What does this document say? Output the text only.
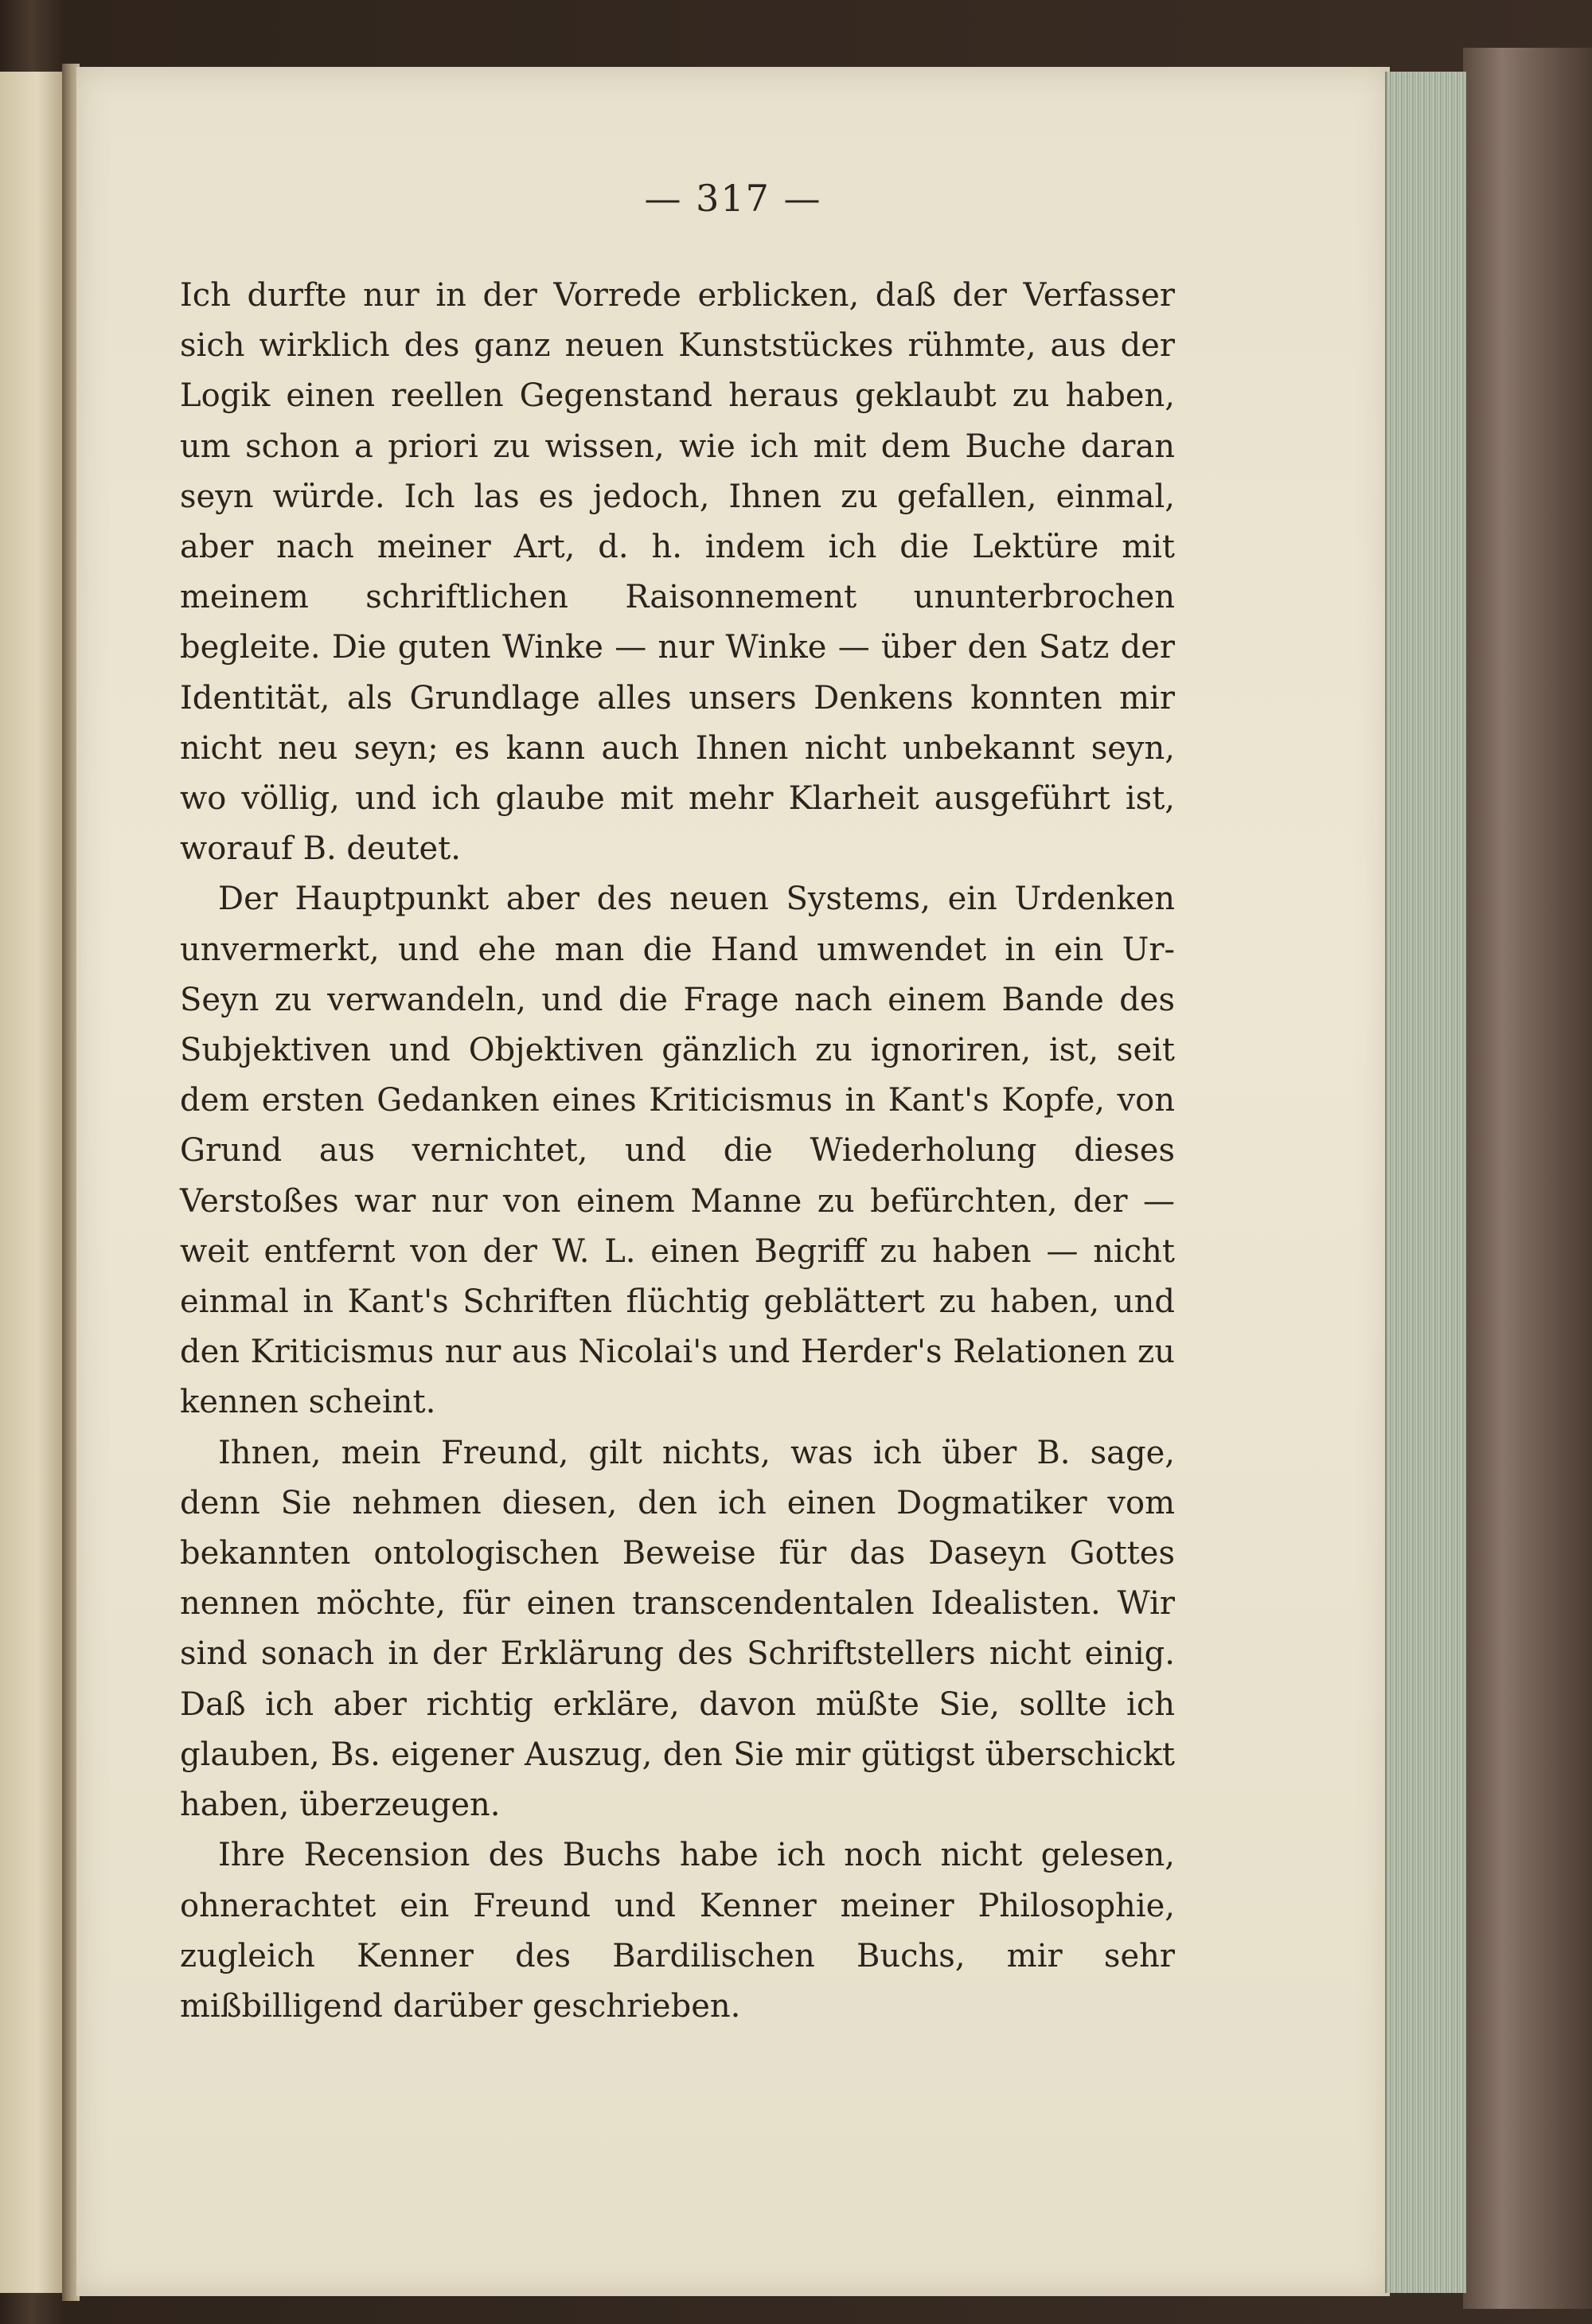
— 317 —

Ich durfte nur in der Vorrede erblicken, daß der Verfasser sich wirklich des ganz neuen Kunststückes rühmte, aus der Logik einen reellen Gegenstand heraus geklaubt zu haben, um schon a priori zu wissen, wie ich mit dem Buche daran seyn würde. Ich las es jedoch, Ihnen zu gefallen, einmal, aber nach meiner Art, d. h. indem ich die Lektüre mit meinem schriftlichen Raisonnement ununterbrochen begleite. Die guten Winke — nur Winke — über den Satz der Identität, als Grundlage alles unsers Denkens konnten mir nicht neu seyn; es kann auch Ihnen nicht unbekannt seyn, wo völlig, und ich glaube mit mehr Klarheit ausgeführt ist, worauf B. deutet.

Der Hauptpunkt aber des neuen Systems, ein Urdenken unvermerkt, und ehe man die Hand umwendet in ein Ur-Seyn zu verwandeln, und die Frage nach einem Bande des Subjektiven und Objektiven gänzlich zu ignoriren, ist, seit dem ersten Gedanken eines Kriticismus in Kant's Kopfe, von Grund aus vernichtet, und die Wiederholung dieses Verstoßes war nur von einem Manne zu befürchten, der — weit entfernt von der W. L. einen Begriff zu haben — nicht einmal in Kant's Schriften flüchtig geblättert zu haben, und den Kriticismus nur aus Nicolai's und Herder's Relationen zu kennen scheint.

Ihnen, mein Freund, gilt nichts, was ich über B. sage, denn Sie nehmen diesen, den ich einen Dogmatiker vom bekannten ontologischen Beweise für das Daseyn Gottes nennen möchte, für einen transcendentalen Idealisten. Wir sind sonach in der Erklärung des Schriftstellers nicht einig. Daß ich aber richtig erkläre, davon müßte Sie, sollte ich glauben, Bs. eigener Auszug, den Sie mir gütigst überschickt haben, überzeugen.

Ihre Recension des Buchs habe ich noch nicht gelesen, ohnerachtet ein Freund und Kenner meiner Philosophie, zugleich Kenner des Bardilischen Buchs, mir sehr mißbilligend darüber geschrieben.
